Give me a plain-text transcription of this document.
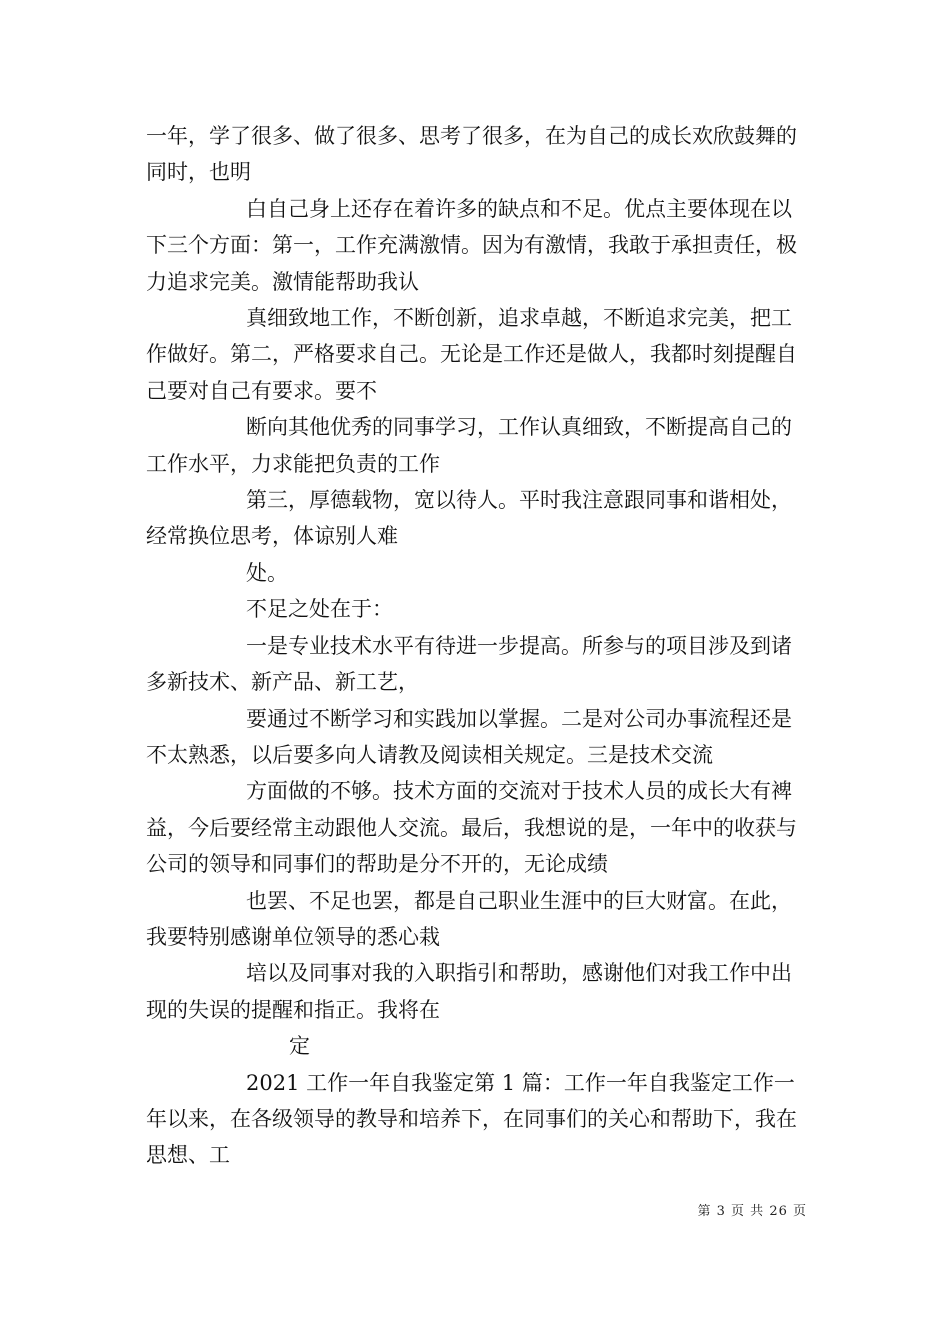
一年，学了很多、做了很多、思考了很多，在为自己的成长欢欣鼓舞的同时，也明

白自己身上还存在着许多的缺点和不足。优点主要体现在以下三个方面：第一，工作充满激情。因为有激情，我敢于承担责任，极力追求完美。激情能帮助我认

真细致地工作，不断创新，追求卓越，不断追求完美，把工作做好。第二，严格要求自己。无论是工作还是做人，我都时刻提醒自己要对自己有要求。要不

断向其他优秀的同事学习，工作认真细致，不断提高自己的工作水平，力求能把负责的工作

第三，厚德载物，宽以待人。平时我注意跟同事和谐相处，经常换位思考，体谅别人难

处。

不足之处在于：

一是专业技术水平有待进一步提高。所参与的项目涉及到诸多新技术、新产品、新工艺，

要通过不断学习和实践加以掌握。二是对公司办事流程还是不太熟悉，以后要多向人请教及阅读相关规定。三是技术交流

方面做的不够。技术方面的交流对于技术人员的成长大有裨益，今后要经常主动跟他人交流。最后，我想说的是，一年中的收获与公司的领导和同事们的帮助是分不开的，无论成绩

也罢、不足也罢，都是自己职业生涯中的巨大财富。在此，我要特别感谢单位领导的悉心栽

培以及同事对我的入职指引和帮助，感谢他们对我工作中出现的失误的提醒和指正。我将在

定

2021 工作一年自我鉴定第 1 篇：工作一年自我鉴定工作一年以来，在各级领导的教导和培养下，在同事们的关心和帮助下，我在思想、工

第 3 页 共 26 页
